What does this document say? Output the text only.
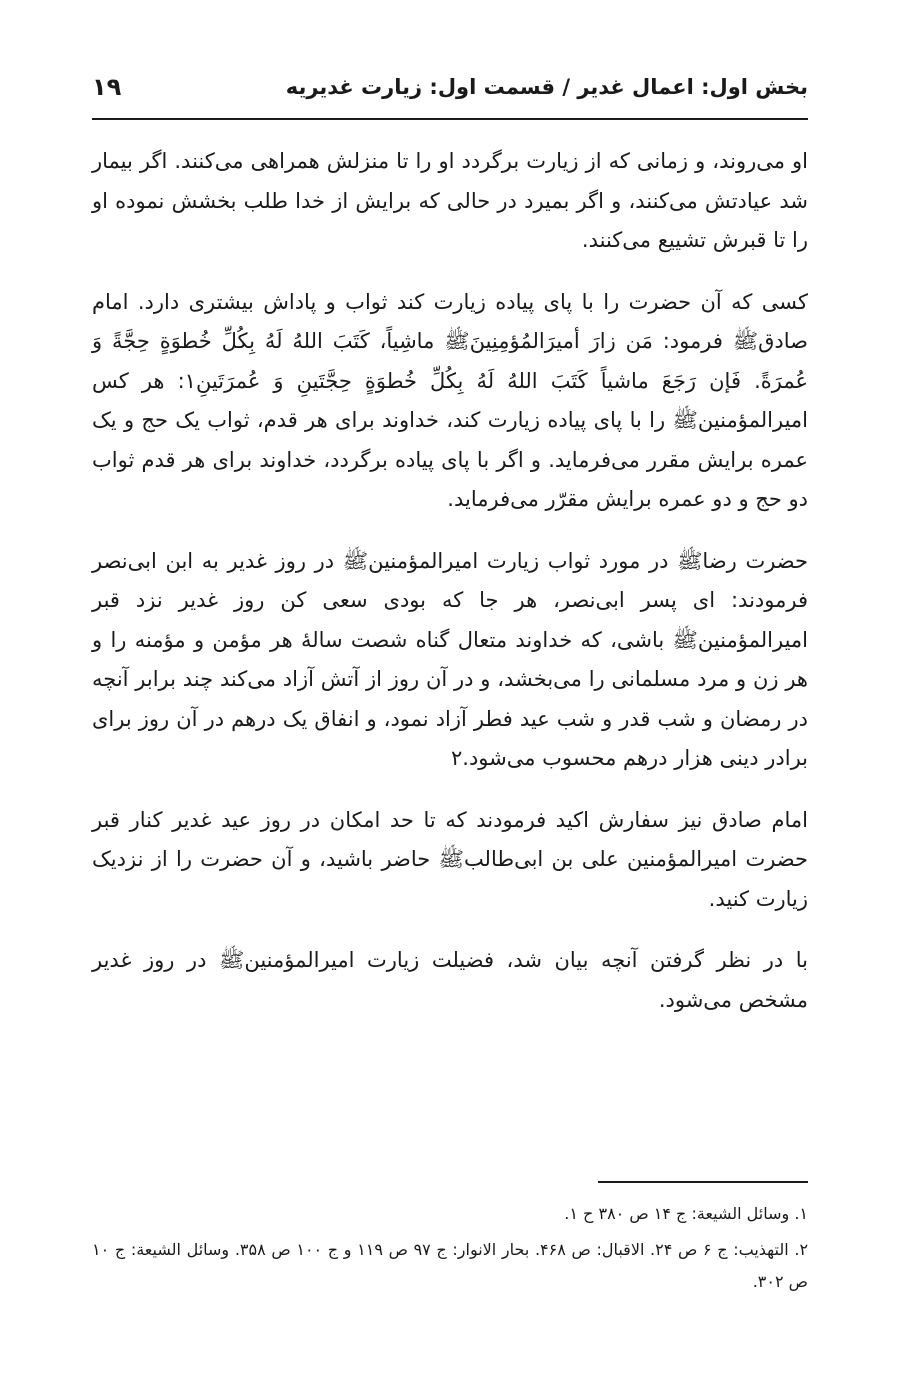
بخش اول: اعمال غدیر / قسمت اول: زیارت غدیریه
۱۹

او می‌روند، و زمانی که از زیارت برگردد او را تا منزلش همراهی می‌کنند. اگر بیمار شد عیادتش می‌کنند، و اگر بمیرد در حالی که برایش از خدا طلب بخشش نموده او را تا قبرش تشییع می‌کنند.

کسی که آن حضرت را با پای پیاده زیارت کند ثواب و پاداش بیشتری دارد. امام صادق‌ﷺ فرمود: مَن زارَ أمیرَالمُؤمِنِینَ‌ﷺ ماشِیاً، کَتَبَ اللهُ لَهُ بِکُلِّ خُطوَةٍ حِجَّةً وَ عُمرَةً. فَإن رَجَعَ ماشیاً کَتَبَ اللهُ لَهُ بِکُلِّ خُطوَةٍ حِجَّتَینِ وَ عُمرَتَینِ۱: هر کس امیرالمؤمنین‌ﷺ را با پای پیاده زیارت کند، خداوند برای هر قدم، ثواب یک حج و یک عمره برایش مقرر می‌فرماید. و اگر با پای پیاده برگردد، خداوند برای هر قدم ثواب دو حج و دو عمره برایش مقرّر می‌فرماید.

حضرت رضا‌ﷺ در مورد ثواب زیارت امیرالمؤمنین‌ﷺ در روز غدیر به ابن ابی‌نصر فرمودند: ای پسر ابی‌نصر، هر جا که بودی سعی کن روز غدیر نزد قبر امیرالمؤمنین‌ﷺ باشی، که خداوند متعال گناه شصت سالهٔ هر مؤمن و مؤمنه را و هر زن و مرد مسلمانی را می‌بخشد، و در آن روز از آتش آزاد می‌کند چند برابر آنچه در رمضان و شب قدر و شب عید فطر آزاد نمود، و انفاق یک درهم در آن روز برای برادر دینی هزار درهم محسوب می‌شود.۲

امام صادق نیز سفارش اکید فرمودند که تا حد امکان در روز عید غدیر کنار قبر حضرت امیرالمؤمنین علی بن ابی‌طالب‌ﷺ حاضر باشید، و آن حضرت را از نزدیک زیارت کنید.

با در نظر گرفتن آنچه بیان شد، فضیلت زیارت امیرالمؤمنین‌ﷺ در روز غدیر مشخص می‌شود.

۱. وسائل الشیعة: ج ۱۴ ص ۳۸۰ ح ۱.

۲. التهذیب: ج ۶ ص ۲۴. الاقبال: ص ۴۶۸. بحار الانوار: ج ۹۷ ص ۱۱۹ و ج ۱۰۰ ص ۳۵۸. وسائل الشیعة: ج ۱۰ ص ۳۰۲.
